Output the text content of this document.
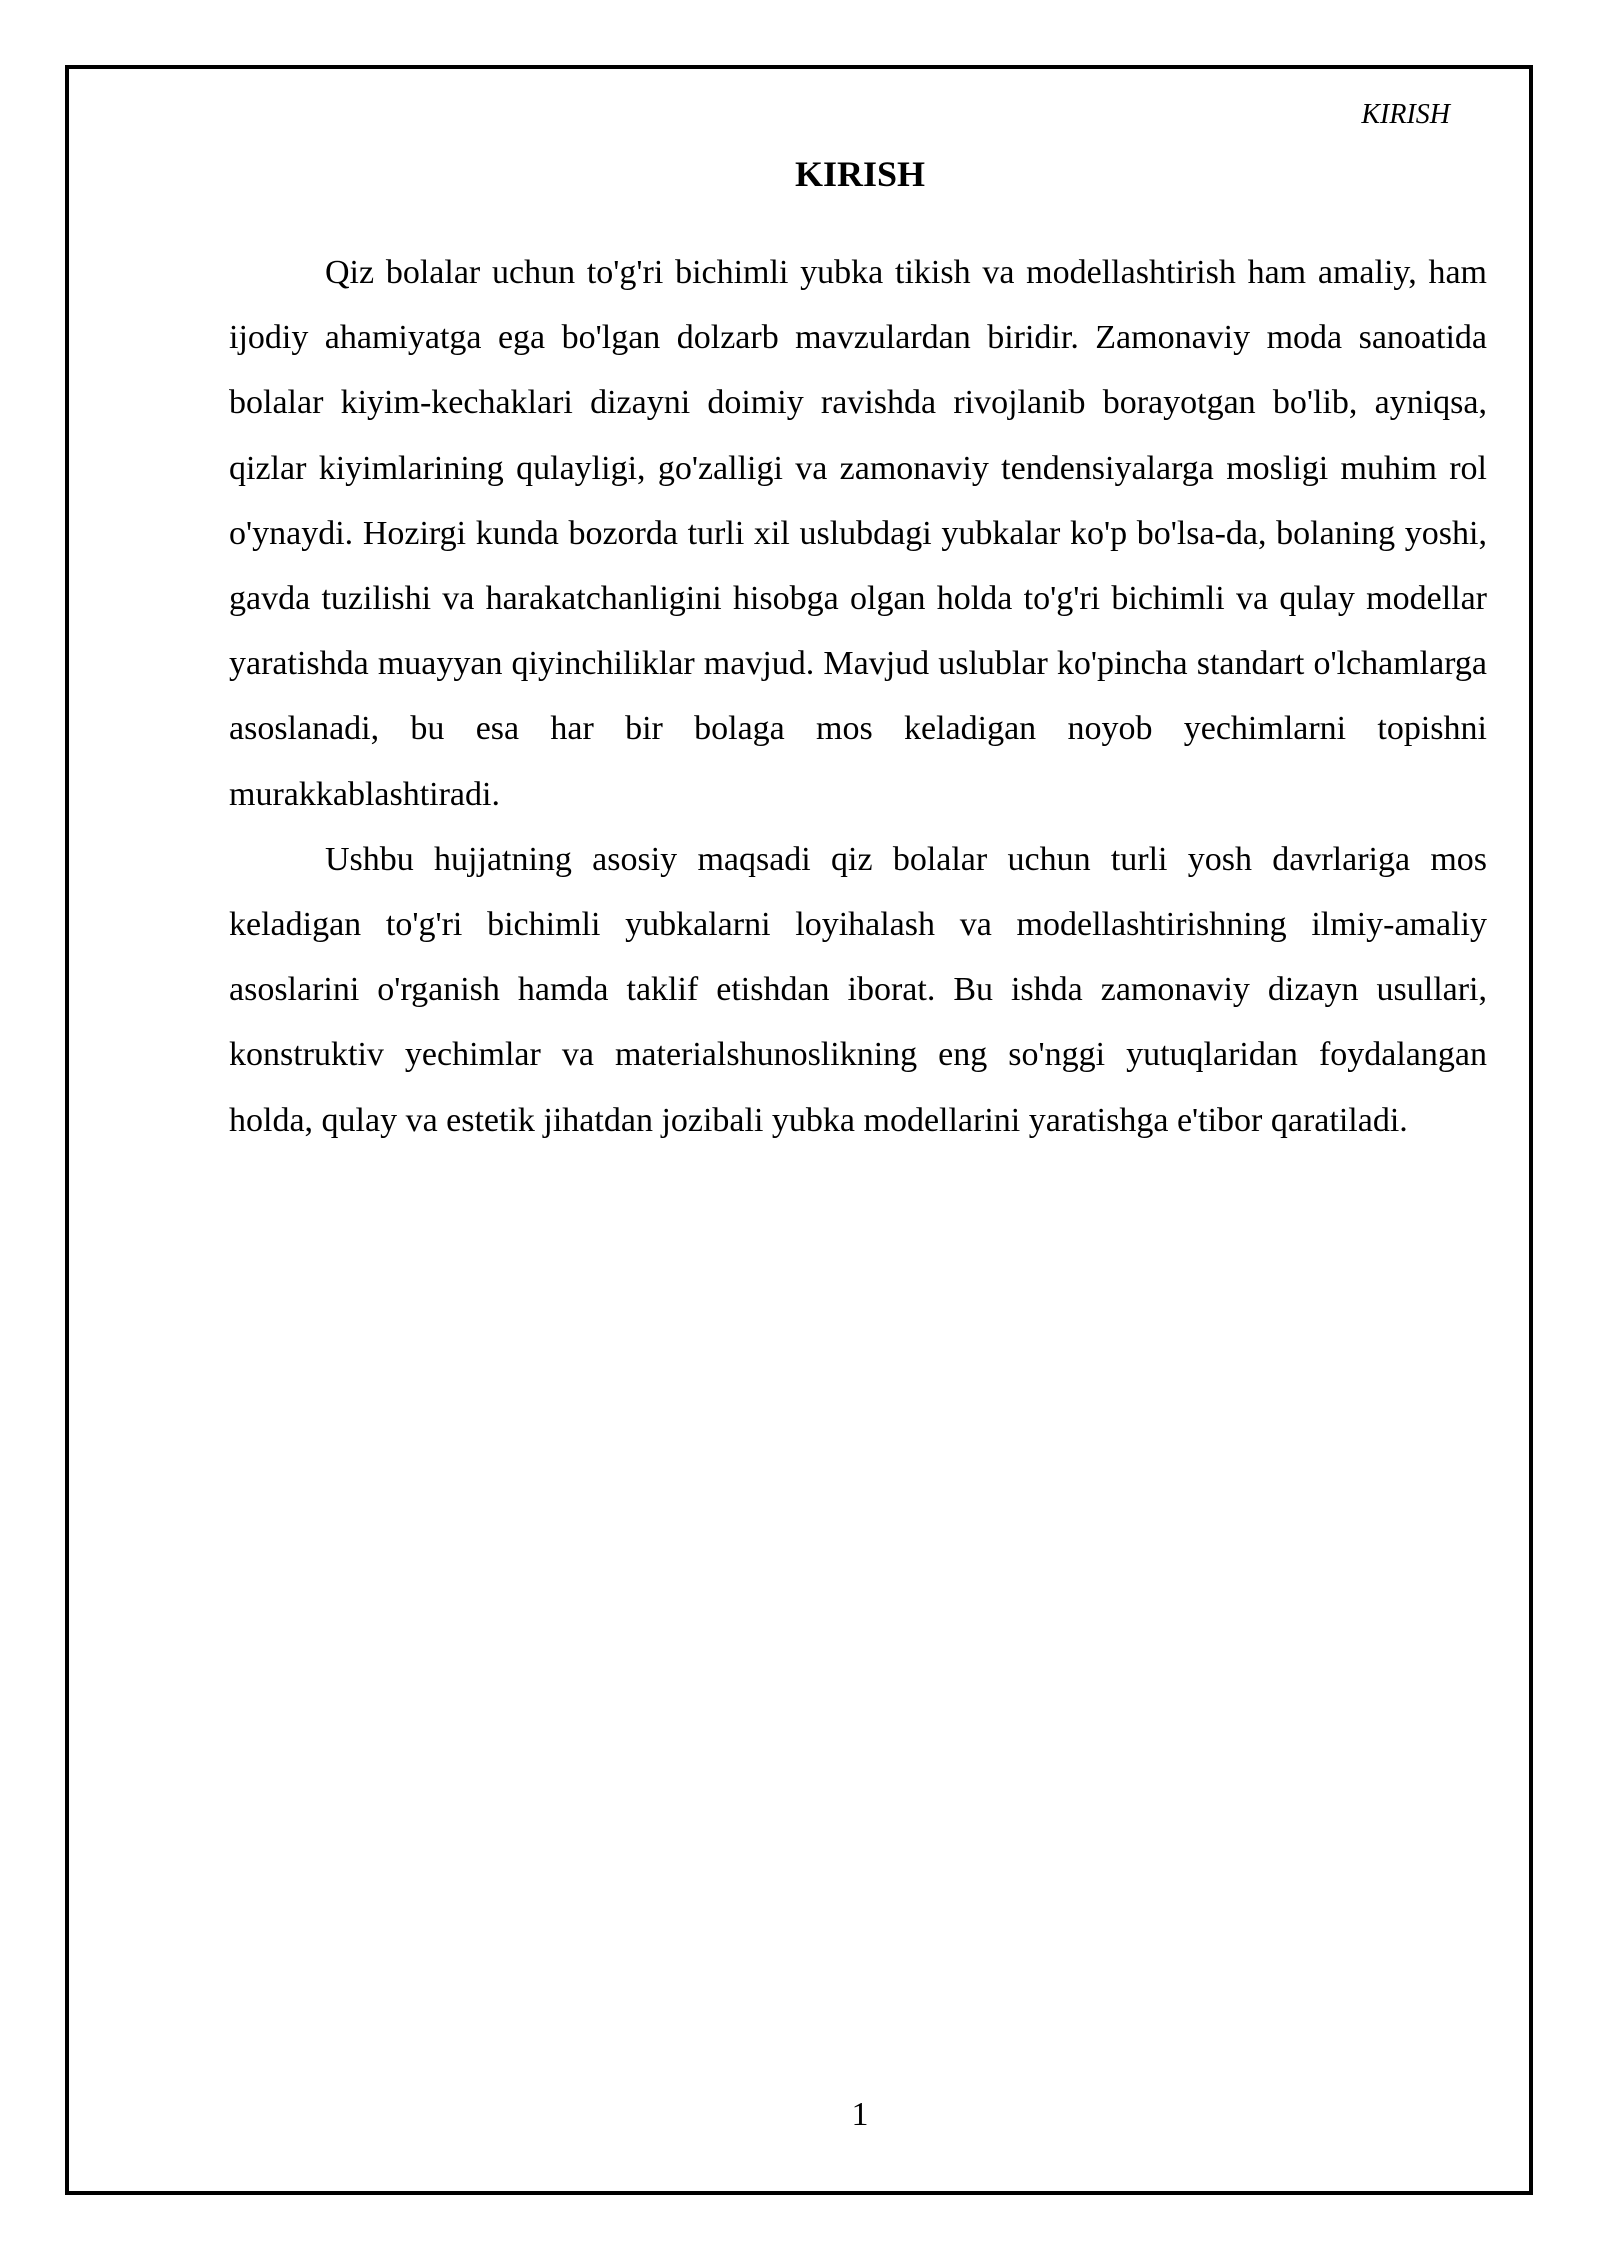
KIRISH
KIRISH

Qiz bolalar uchun to'g'ri bichimli yubka tikish va modellashtirish ham amaliy, ham ijodiy ahamiyatga ega bo'lgan dolzarb mavzulardan biridir. Zamonaviy moda sanoatida bolalar kiyim-kechaklari dizayni doimiy ravishda rivojlanib borayotgan bo'lib, ayniqsa, qizlar kiyimlarining qulayligi, go'zalligi va zamonaviy tendensiyalarga mosligi muhim rol o'ynaydi. Hozirgi kunda bozorda turli xil uslubdagi yubkalar ko'p bo'lsa-da, bolaning yoshi, gavda tuzilishi va harakatchanligini hisobga olgan holda to'g'ri bichimli va qulay modellar yaratishda muayyan qiyinchiliklar mavjud. Mavjud uslublar ko'pincha standart o'lchamlarga asoslanadi, bu esa har bir bolaga mos keladigan noyob yechimlarni topishni murakkablashtiradi.

Ushbu hujjatning asosiy maqsadi qiz bolalar uchun turli yosh davrlariga mos keladigan to'g'ri bichimli yubkalarni loyihalash va modellashtirishning ilmiy-amaliy asoslarini o'rganish hamda taklif etishdan iborat. Bu ishda zamonaviy dizayn usullari, konstruktiv yechimlar va materialshunoslikning eng so'nggi yutuqlaridan foydalangan holda, qulay va estetik jihatdan jozibali yubka modellarini yaratishga e'tibor qaratiladi.

1
